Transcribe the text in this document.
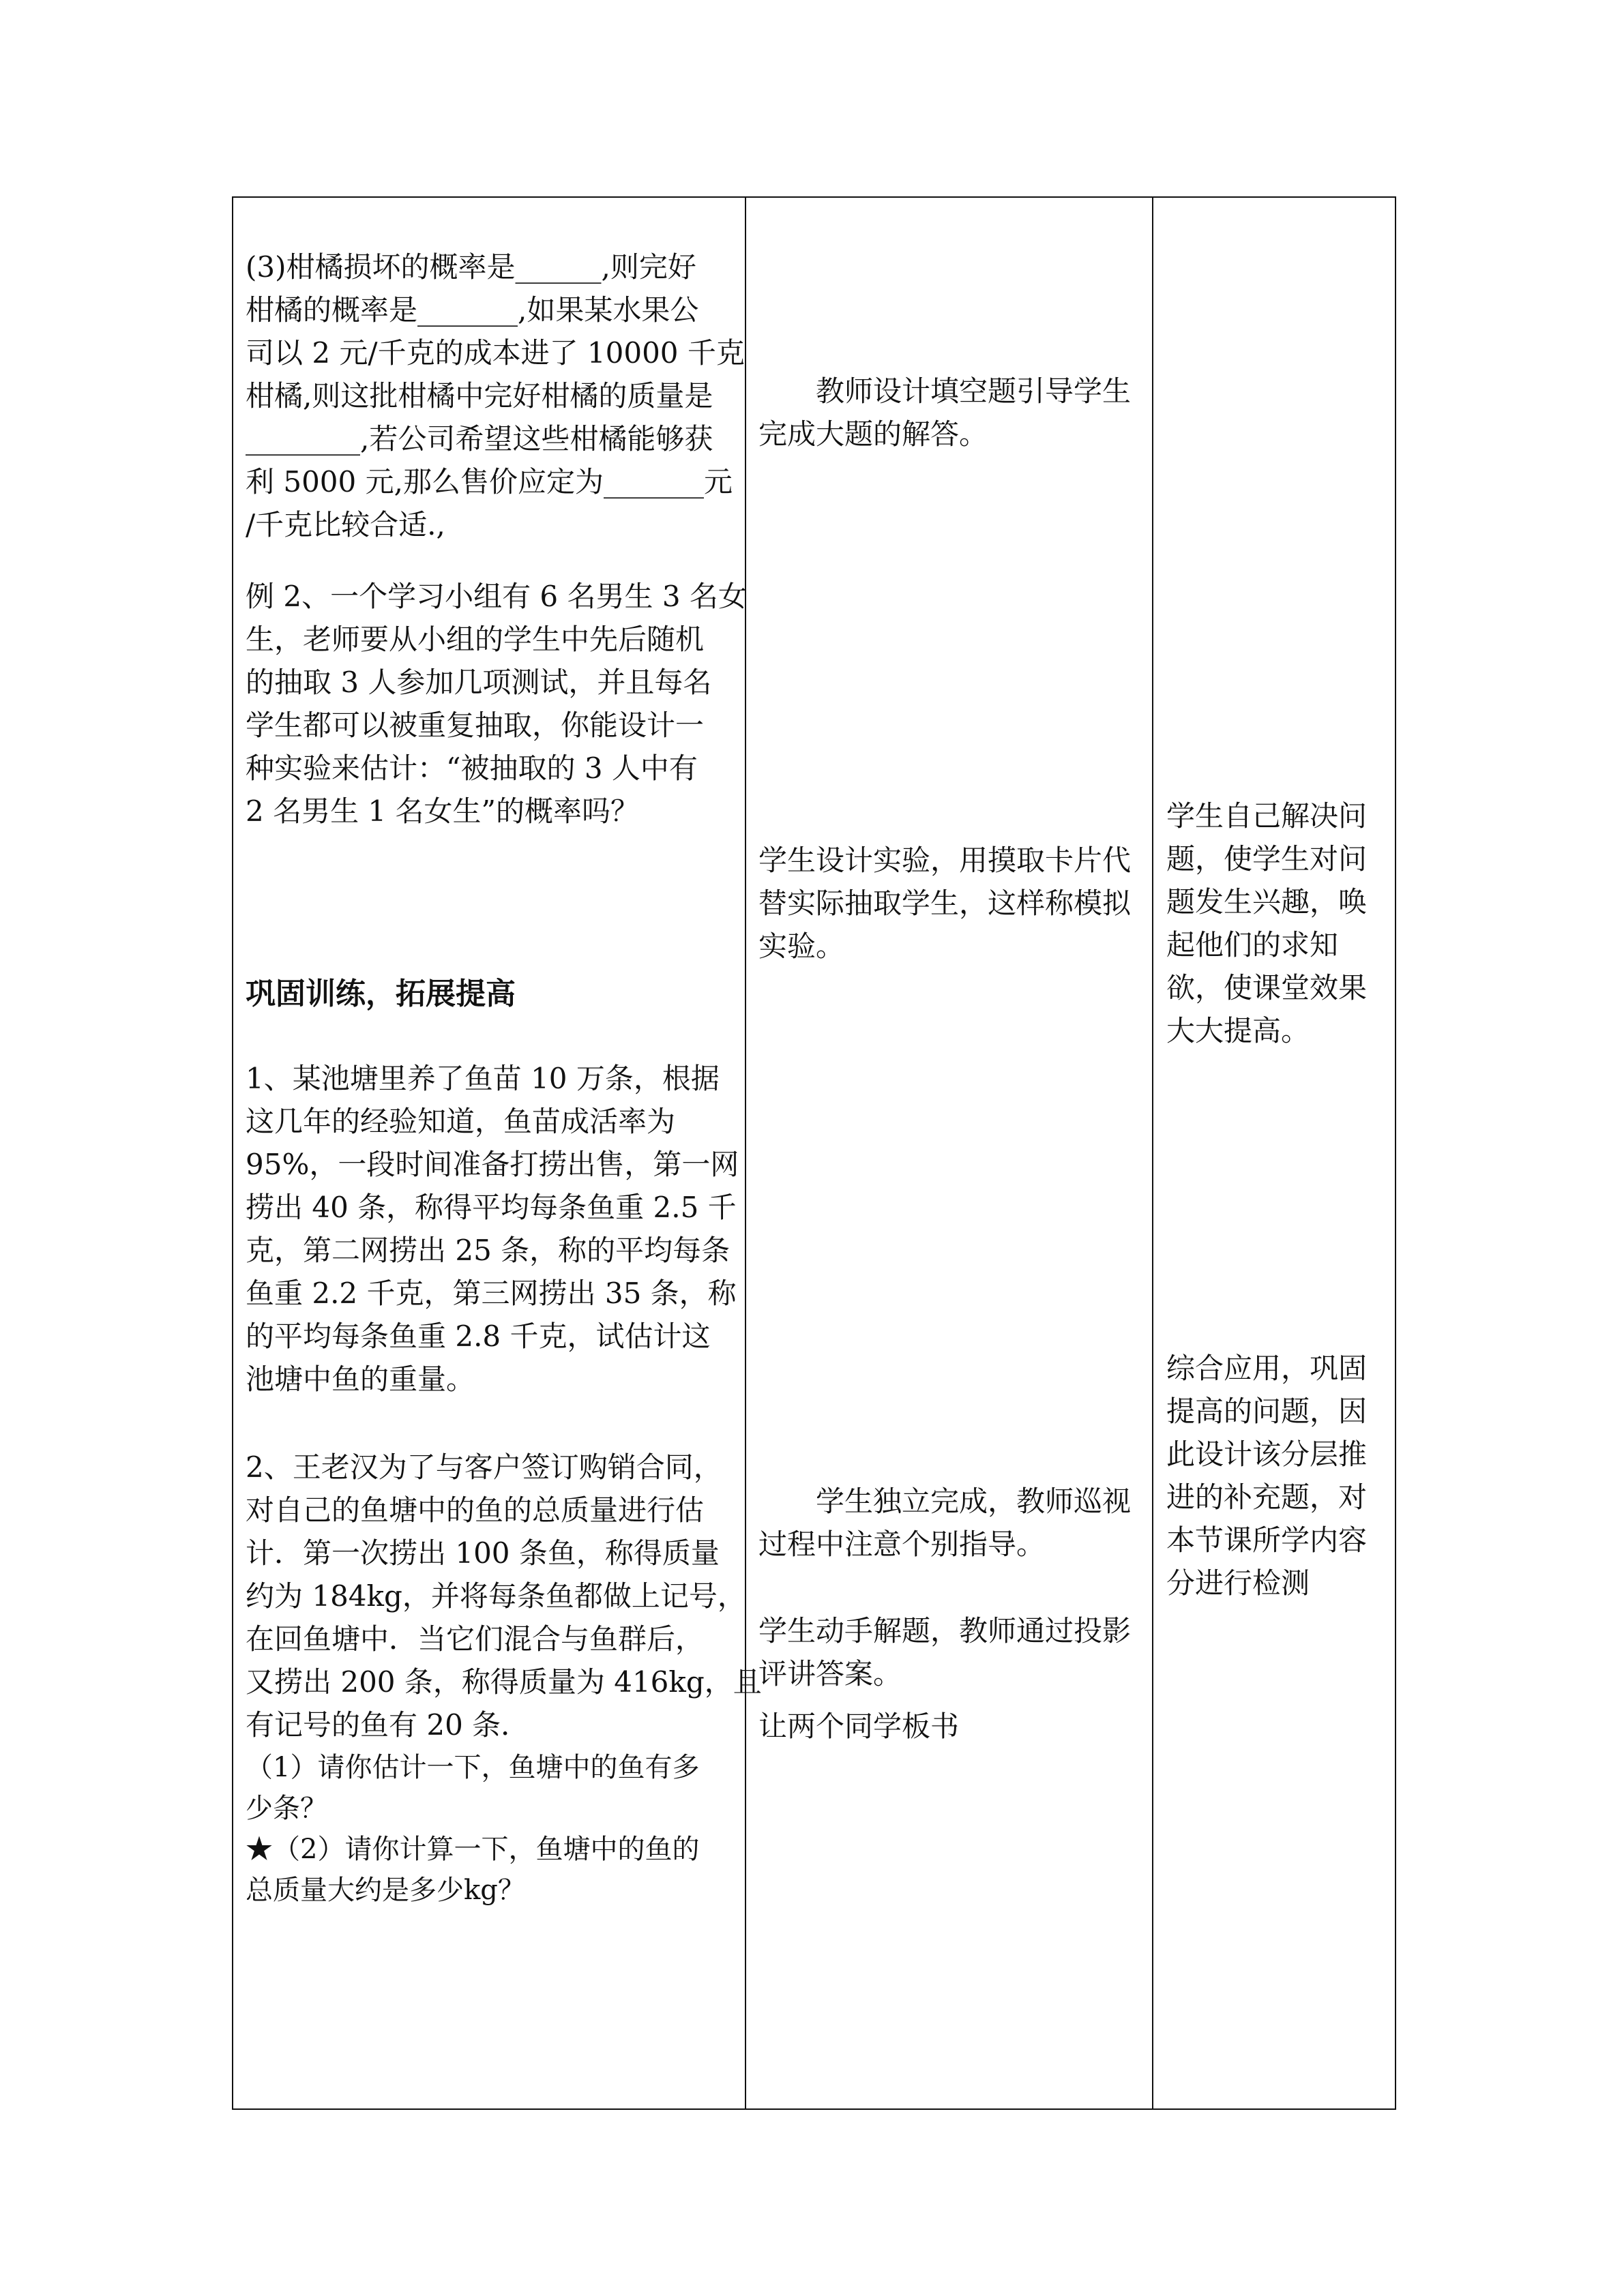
(3)柑橘损坏的概率是______,则完好
柑橘的概率是_______,如果某水果公
司以 2 元/千克的成本进了 10000 千克
柑橘,则这批柑橘中完好柑橘的质量是
________,若公司希望这些柑橘能够获
利 5000 元,那么售价应定为_______元
/千克比较合适.,
例 2、一个学习小组有 6 名男生 3 名女
生，老师要从小组的学生中先后随机
的抽取 3 人参加几项测试，并且每名
学生都可以被重复抽取，你能设计一
种实验来估计：“被抽取的 3 人中有
2 名男生 1 名女生”的概率吗？
巩固训练，拓展提高
1、某池塘里养了鱼苗 10 万条，根据
这几年的经验知道，鱼苗成活率为
95%，一段时间准备打捞出售，第一网
捞出 40 条，称得平均每条鱼重 2.5 千
克，第二网捞出 25 条，称的平均每条
鱼重 2.2 千克，第三网捞出 35 条，称
的平均每条鱼重 2.8 千克，试估计这
池塘中鱼的重量。
2、王老汉为了与客户签订购销合同，
对自己的鱼塘中的鱼的总质量进行估
计．第一次捞出 100 条鱼，称得质量
约为 184kg，并将每条鱼都做上记号，
在回鱼塘中．当它们混合与鱼群后，
又捞出 200 条，称得质量为 416kg，且
有记号的鱼有 20 条．
（1）请你估计一下，鱼塘中的鱼有多
少条？
★（2）请你计算一下，鱼塘中的鱼的
总质量大约是多少kg？
教师设计填空题引导学生
完成大题的解答。
学生设计实验，用摸取卡片代
替实际抽取学生，这样称模拟
实验。
学生独立完成，教师巡视
过程中注意个别指导。
学生动手解题，教师通过投影
评讲答案。
让两个同学板书
学生自己解决问
题，使学生对问
题发生兴趣，唤
起他们的求知
欲，使课堂效果
大大提高。
综合应用，巩固
提高的问题，因
此设计该分层推
进的补充题，对
本节课所学内容
分进行检测
